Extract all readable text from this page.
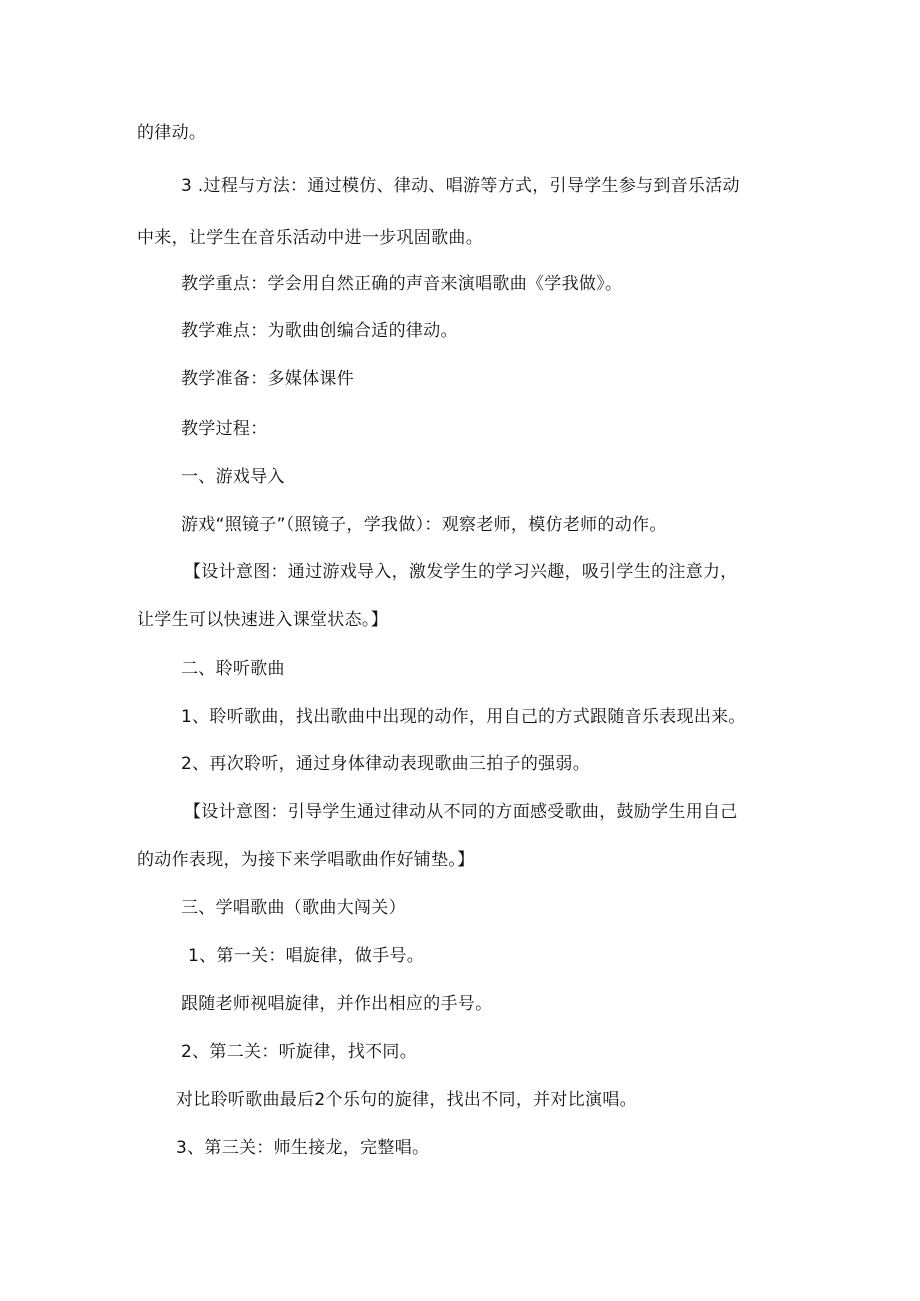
的律动。
3 .过程与方法：通过模仿、律动、唱游等方式，引导学生参与到音乐活动
中来，让学生在音乐活动中进一步巩固歌曲。
教学重点：学会用自然正确的声音来演唱歌曲《学我做》。
教学难点：为歌曲创编合适的律动。
教学准备：多媒体课件
教学过程：
一、游戏导入
游戏“照镜子”（照镜子，学我做）：观察老师，模仿老师的动作。
【设计意图：通过游戏导入，激发学生的学习兴趣，吸引学生的注意力，
让学生可以快速进入课堂状态。】
二、聆听歌曲
1、聆听歌曲，找出歌曲中出现的动作，用自己的方式跟随音乐表现出来。
2、再次聆听，通过身体律动表现歌曲三拍子的强弱。
【设计意图：引导学生通过律动从不同的方面感受歌曲，鼓励学生用自己
的动作表现，为接下来学唱歌曲作好铺垫。】
三、学唱歌曲（歌曲大闯关）
1、第一关：唱旋律，做手号。
跟随老师视唱旋律，并作出相应的手号。
2、第二关：听旋律，找不同。
对比聆听歌曲最后2个乐句的旋律，找出不同，并对比演唱。
3、第三关：师生接龙，完整唱。
